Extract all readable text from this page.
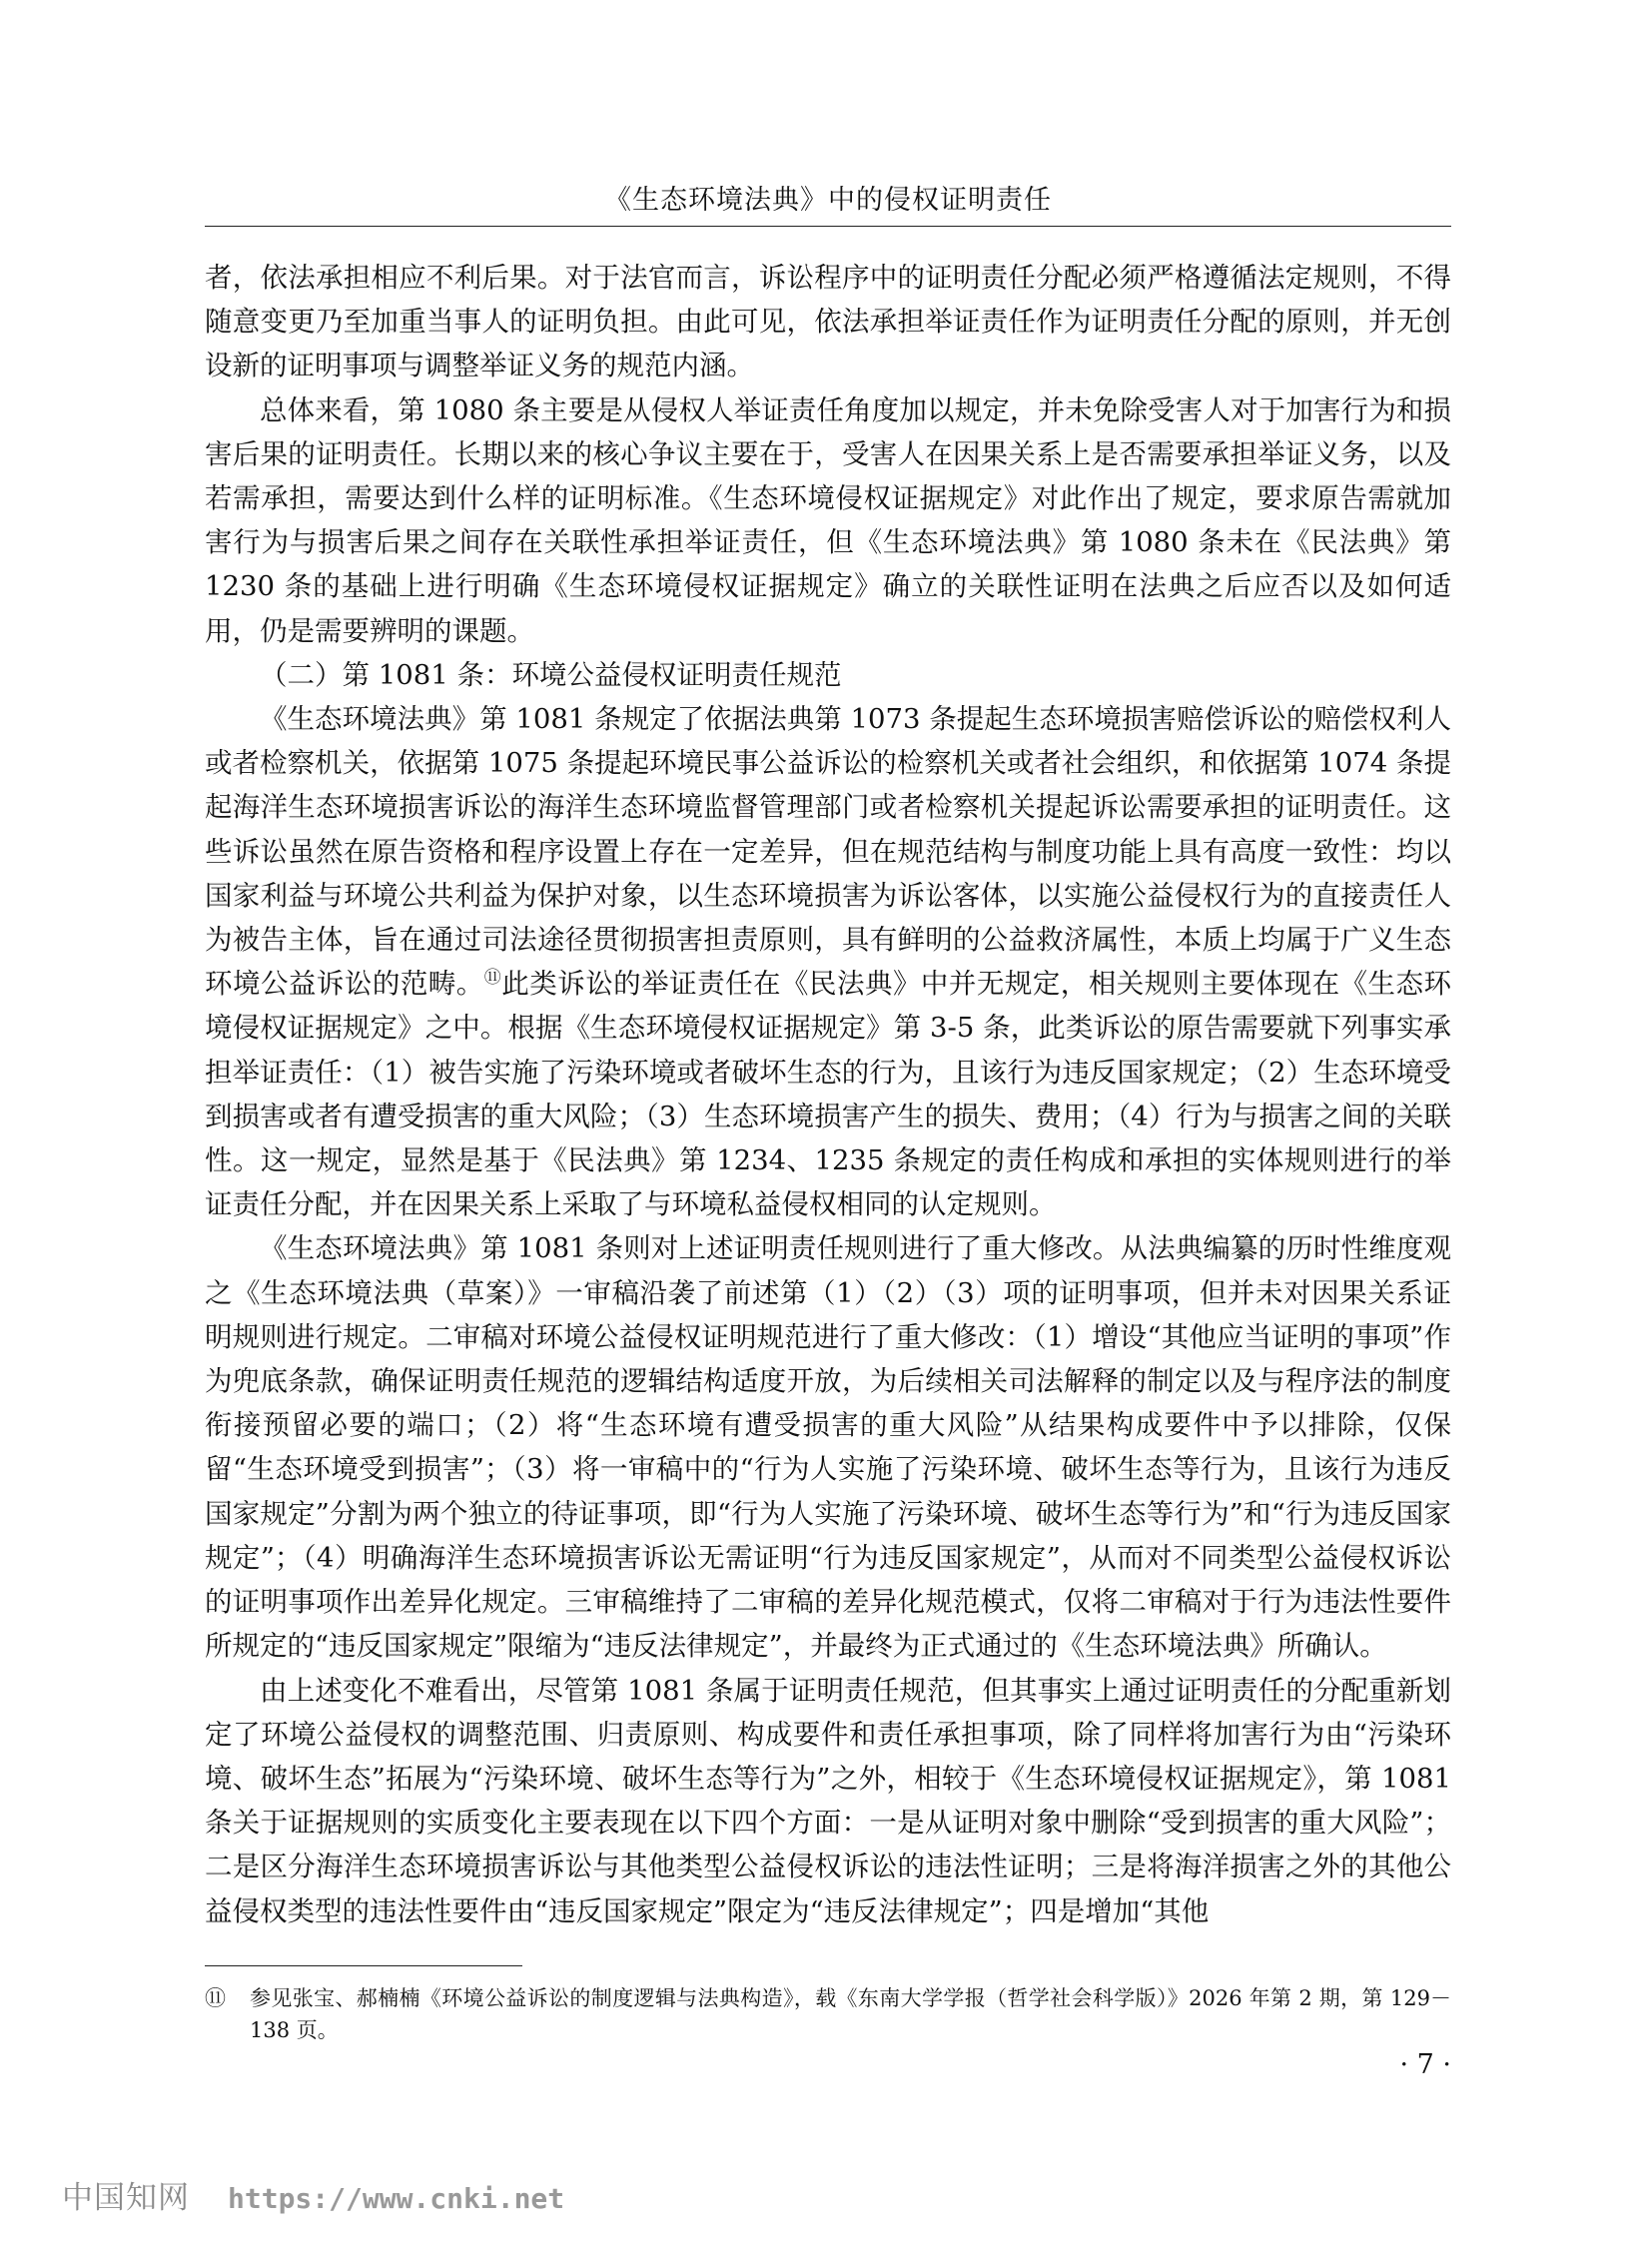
《生态环境法典》中的侵权证明责任

者，依法承担相应不利后果。对于法官而言，诉讼程序中的证明责任分配必须严格遵循法定规则，不得随意变更乃至加重当事人的证明负担。由此可见，依法承担举证责任作为证明责任分配的原则，并无创设新的证明事项与调整举证义务的规范内涵。

总体来看，第 1080 条主要是从侵权人举证责任角度加以规定，并未免除受害人对于加害行为和损害后果的证明责任。长期以来的核心争议主要在于，受害人在因果关系上是否需要承担举证义务，以及若需承担，需要达到什么样的证明标准。《生态环境侵权证据规定》对此作出了规定，要求原告需就加害行为与损害后果之间存在关联性承担举证责任，但《生态环境法典》第 1080 条未在《民法典》第 1230 条的基础上进行明确《生态环境侵权证据规定》确立的关联性证明在法典之后应否以及如何适用，仍是需要辨明的课题。

（二）第 1081 条：环境公益侵权证明责任规范

《生态环境法典》第 1081 条规定了依据法典第 1073 条提起生态环境损害赔偿诉讼的赔偿权利人或者检察机关，依据第 1075 条提起环境民事公益诉讼的检察机关或者社会组织，和依据第 1074 条提起海洋生态环境损害诉讼的海洋生态环境监督管理部门或者检察机关提起诉讼需要承担的证明责任。这些诉讼虽然在原告资格和程序设置上存在一定差异，但在规范结构与制度功能上具有高度一致性：均以国家利益与环境公共利益为保护对象，以生态环境损害为诉讼客体，以实施公益侵权行为的直接责任人为被告主体，旨在通过司法途径贯彻损害担责原则，具有鲜明的公益救济属性，本质上均属于广义生态环境公益诉讼的范畴。⑪此类诉讼的举证责任在《民法典》中并无规定，相关规则主要体现在《生态环境侵权证据规定》之中。根据《生态环境侵权证据规定》第 3-5 条，此类诉讼的原告需要就下列事实承担举证责任：（1）被告实施了污染环境或者破坏生态的行为，且该行为违反国家规定；（2）生态环境受到损害或者有遭受损害的重大风险；（3）生态环境损害产生的损失、费用；（4）行为与损害之间的关联性。这一规定，显然是基于《民法典》第 1234、1235 条规定的责任构成和承担的实体规则进行的举证责任分配，并在因果关系上采取了与环境私益侵权相同的认定规则。

《生态环境法典》第 1081 条则对上述证明责任规则进行了重大修改。从法典编纂的历时性维度观之《生态环境法典（草案）》一审稿沿袭了前述第（1）（2）（3）项的证明事项，但并未对因果关系证明规则进行规定。二审稿对环境公益侵权证明规范进行了重大修改：（1）增设“其他应当证明的事项”作为兜底条款，确保证明责任规范的逻辑结构适度开放，为后续相关司法解释的制定以及与程序法的制度衔接预留必要的端口；（2）将“生态环境有遭受损害的重大风险”从结果构成要件中予以排除，仅保留“生态环境受到损害”；（3）将一审稿中的“行为人实施了污染环境、破坏生态等行为，且该行为违反国家规定”分割为两个独立的待证事项，即“行为人实施了污染环境、破坏生态等行为”和“行为违反国家规定”；（4）明确海洋生态环境损害诉讼无需证明“行为违反国家规定”，从而对不同类型公益侵权诉讼的证明事项作出差异化规定。三审稿维持了二审稿的差异化规范模式，仅将二审稿对于行为违法性要件所规定的“违反国家规定”限缩为“违反法律规定”，并最终为正式通过的《生态环境法典》所确认。

由上述变化不难看出，尽管第 1081 条属于证明责任规范，但其事实上通过证明责任的分配重新划定了环境公益侵权的调整范围、归责原则、构成要件和责任承担事项，除了同样将加害行为由“污染环境、破坏生态”拓展为“污染环境、破坏生态等行为”之外，相较于《生态环境侵权证据规定》，第 1081 条关于证据规则的实质变化主要表现在以下四个方面：一是从证明对象中删除“受到损害的重大风险”；二是区分海洋生态环境损害诉讼与其他类型公益侵权诉讼的违法性证明；三是将海洋损害之外的其他公益侵权类型的违法性要件由“违反国家规定”限定为“违反法律规定”；四是增加“其他

⑪ 参见张宝、郝楠楠《环境公益诉讼的制度逻辑与法典构造》，载《东南大学学报（哲学社会科学版）》2026 年第 2 期，第 129－138 页。
· 7 ·
中国知网 https://www.cnki.net
